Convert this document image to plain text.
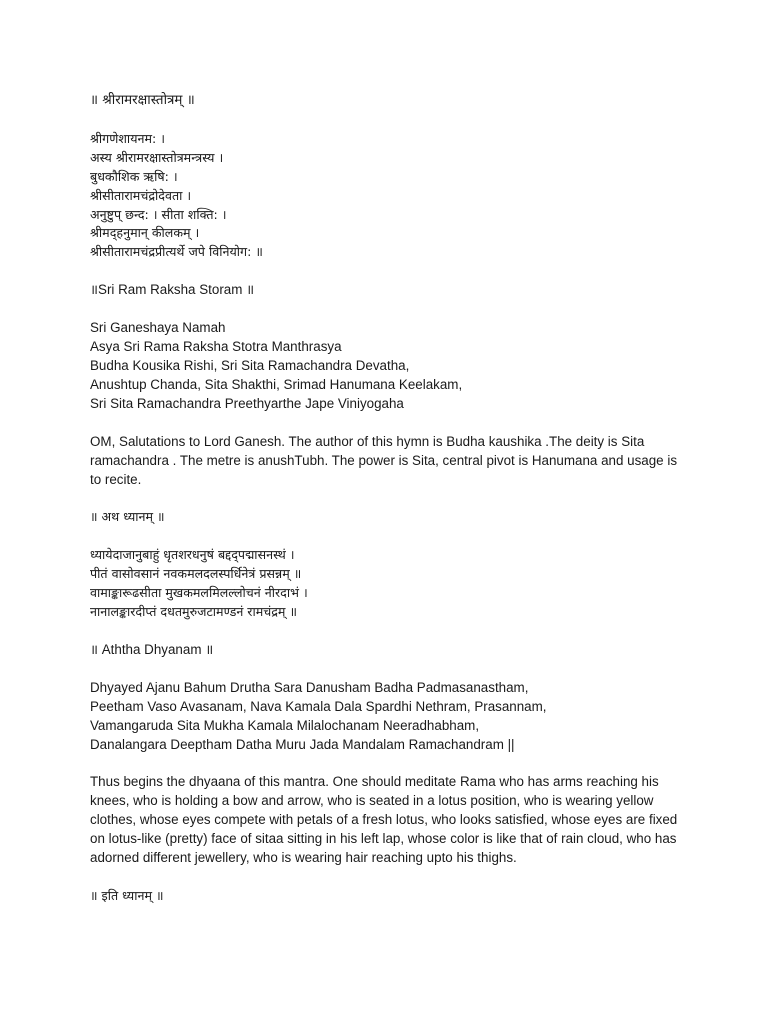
॥ श्रीरामरक्षास्तोत्रम् ॥
श्रीगणेशायनम: ।
अस्य श्रीरामरक्षास्तोत्रमन्त्रस्य ।
बुधकौशिक ऋषि: ।
श्रीसीतारामचंद्रोदेवता ।
अनुष्टुप् छन्द: । सीता शक्ति: ।
श्रीमद्हनुमान् कीलकम् ।
श्रीसीतारामचंद्रप्रीत्यर्थे जपे विनियोग: ॥
॥Sri Ram Raksha Storam ॥
Sri Ganeshaya Namah
Asya Sri Rama Raksha Stotra Manthrasya
Budha Kousika Rishi, Sri Sita Ramachandra Devatha,
Anushtup Chanda, Sita Shakthi, Srimad Hanumana Keelakam,
Sri Sita Ramachandra Preethyarthe Jape Viniyogaha
OM, Salutations to Lord Ganesh. The author of this hymn is Budha kaushika .The deity is Sita ramachandra . The metre is anushTubh. The power is Sita, central pivot is Hanumana and usage is to recite.
॥ अथ ध्यानम् ॥
ध्यायेदाजानुबाहुं धृतशरधनुषं बद्दद्पद्मासनस्थं ।
पीतं वासोवसानं नवकमलदलस्पर्धिनेत्रं प्रसन्नम् ॥
वामाङ्कारूढसीता मुखकमलमिलल्लोचनं नीरदाभं ।
नानालङ्कारदीप्तं दधतमुरुजटामण्डनं रामचंद्रम् ॥
॥ Aththa Dhyanam ॥
Dhyayed Ajanu Bahum Drutha Sara Danusham Badha Padmasanastham,
Peetham Vaso Avasanam, Nava Kamala Dala Spardhi Nethram, Prasannam,
Vamangaruda Sita Mukha Kamala Milalochanam Neeradhabham,
Danalangara Deeptham Datha Muru Jada Mandalam Ramachandram ||
Thus begins the dhyaana of this mantra. One should meditate Rama who has arms reaching his knees, who is holding a bow and arrow, who is seated in a lotus position, who is wearing yellow clothes, whose eyes compete with petals of a fresh lotus, who looks satisfied, whose eyes are fixed on lotus-like (pretty) face of sitaa sitting in his left lap, whose color is like that of rain cloud, who has adorned different jewellery, who is wearing hair reaching upto his thighs.
॥ इति ध्यानम् ॥
